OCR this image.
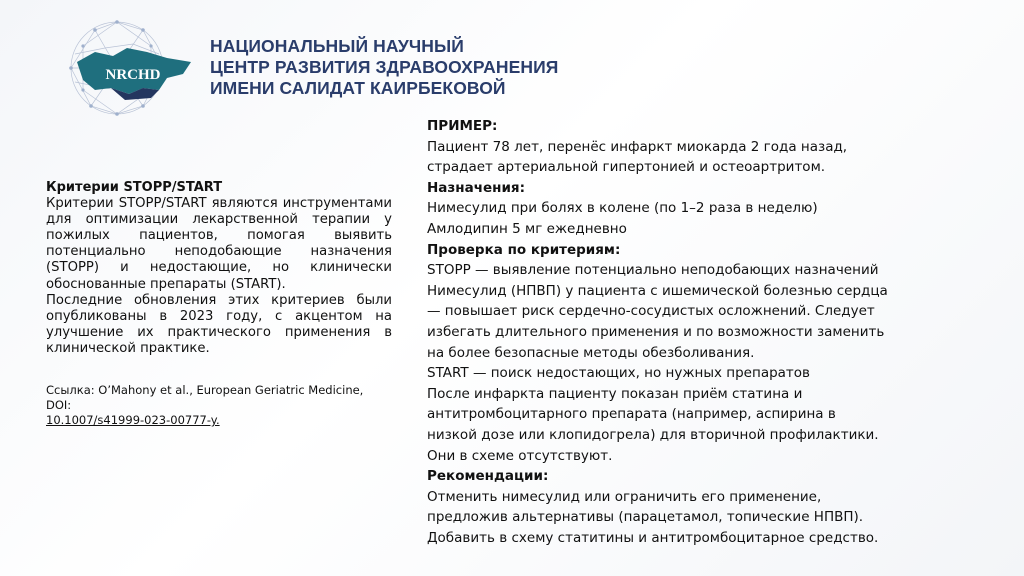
NRCHD
НАЦИОНАЛЬНЫЙ НАУЧНЫЙ
ЦЕНТР РАЗВИТИЯ ЗДРАВООХРАНЕНИЯ
ИМЕНИ САЛИДАТ КАИРБЕКОВОЙ
Критерии STOPP/START

Критерии STOPP/START являются инструментами для оптимизации лекарственной терапии у пожилых пациентов, помогая выявить потенциально неподобающие назначения (STOPP) и недостающие, но клинически обоснованные препараты (START).

Последние обновления этих критериев были опубликованы в 2023 году, с акцентом на улучшение их практического применения в клинической практике.

Ссылка: O’Mahony et al., European Geriatric Medicine, DOI:
10.1007/s41999-023-00777-y.
ПРИМЕР:
Пациент 78 лет, перенёс инфаркт миокарда 2 года назад,
страдает артериальной гипертонией и остеоартритом.
Назначения:
Нимесулид при болях в колене (по 1–2 раза в неделю)
Амлодипин 5 мг ежедневно
Проверка по критериям:
STOPP — выявление потенциально неподобающих назначений
Нимесулид (НПВП) у пациента с ишемической болезнью сердца
— повышает риск сердечно-сосудистых осложнений. Следует
избегать длительного применения и по возможности заменить
на более безопасные методы обезболивания.
START — поиск недостающих, но нужных препаратов
После инфаркта пациенту показан приём статина и
антитромбоцитарного препарата (например, аспирина в
низкой дозе или клопидогрела) для вторичной профилактики.
Они в схеме отсутствуют.
Рекомендации:
Отменить нимесулид или ограничить его применение,
предложив альтернативы (парацетамол, топические НПВП).
Добавить в схему статитины и антитромбоцитарное средство.
